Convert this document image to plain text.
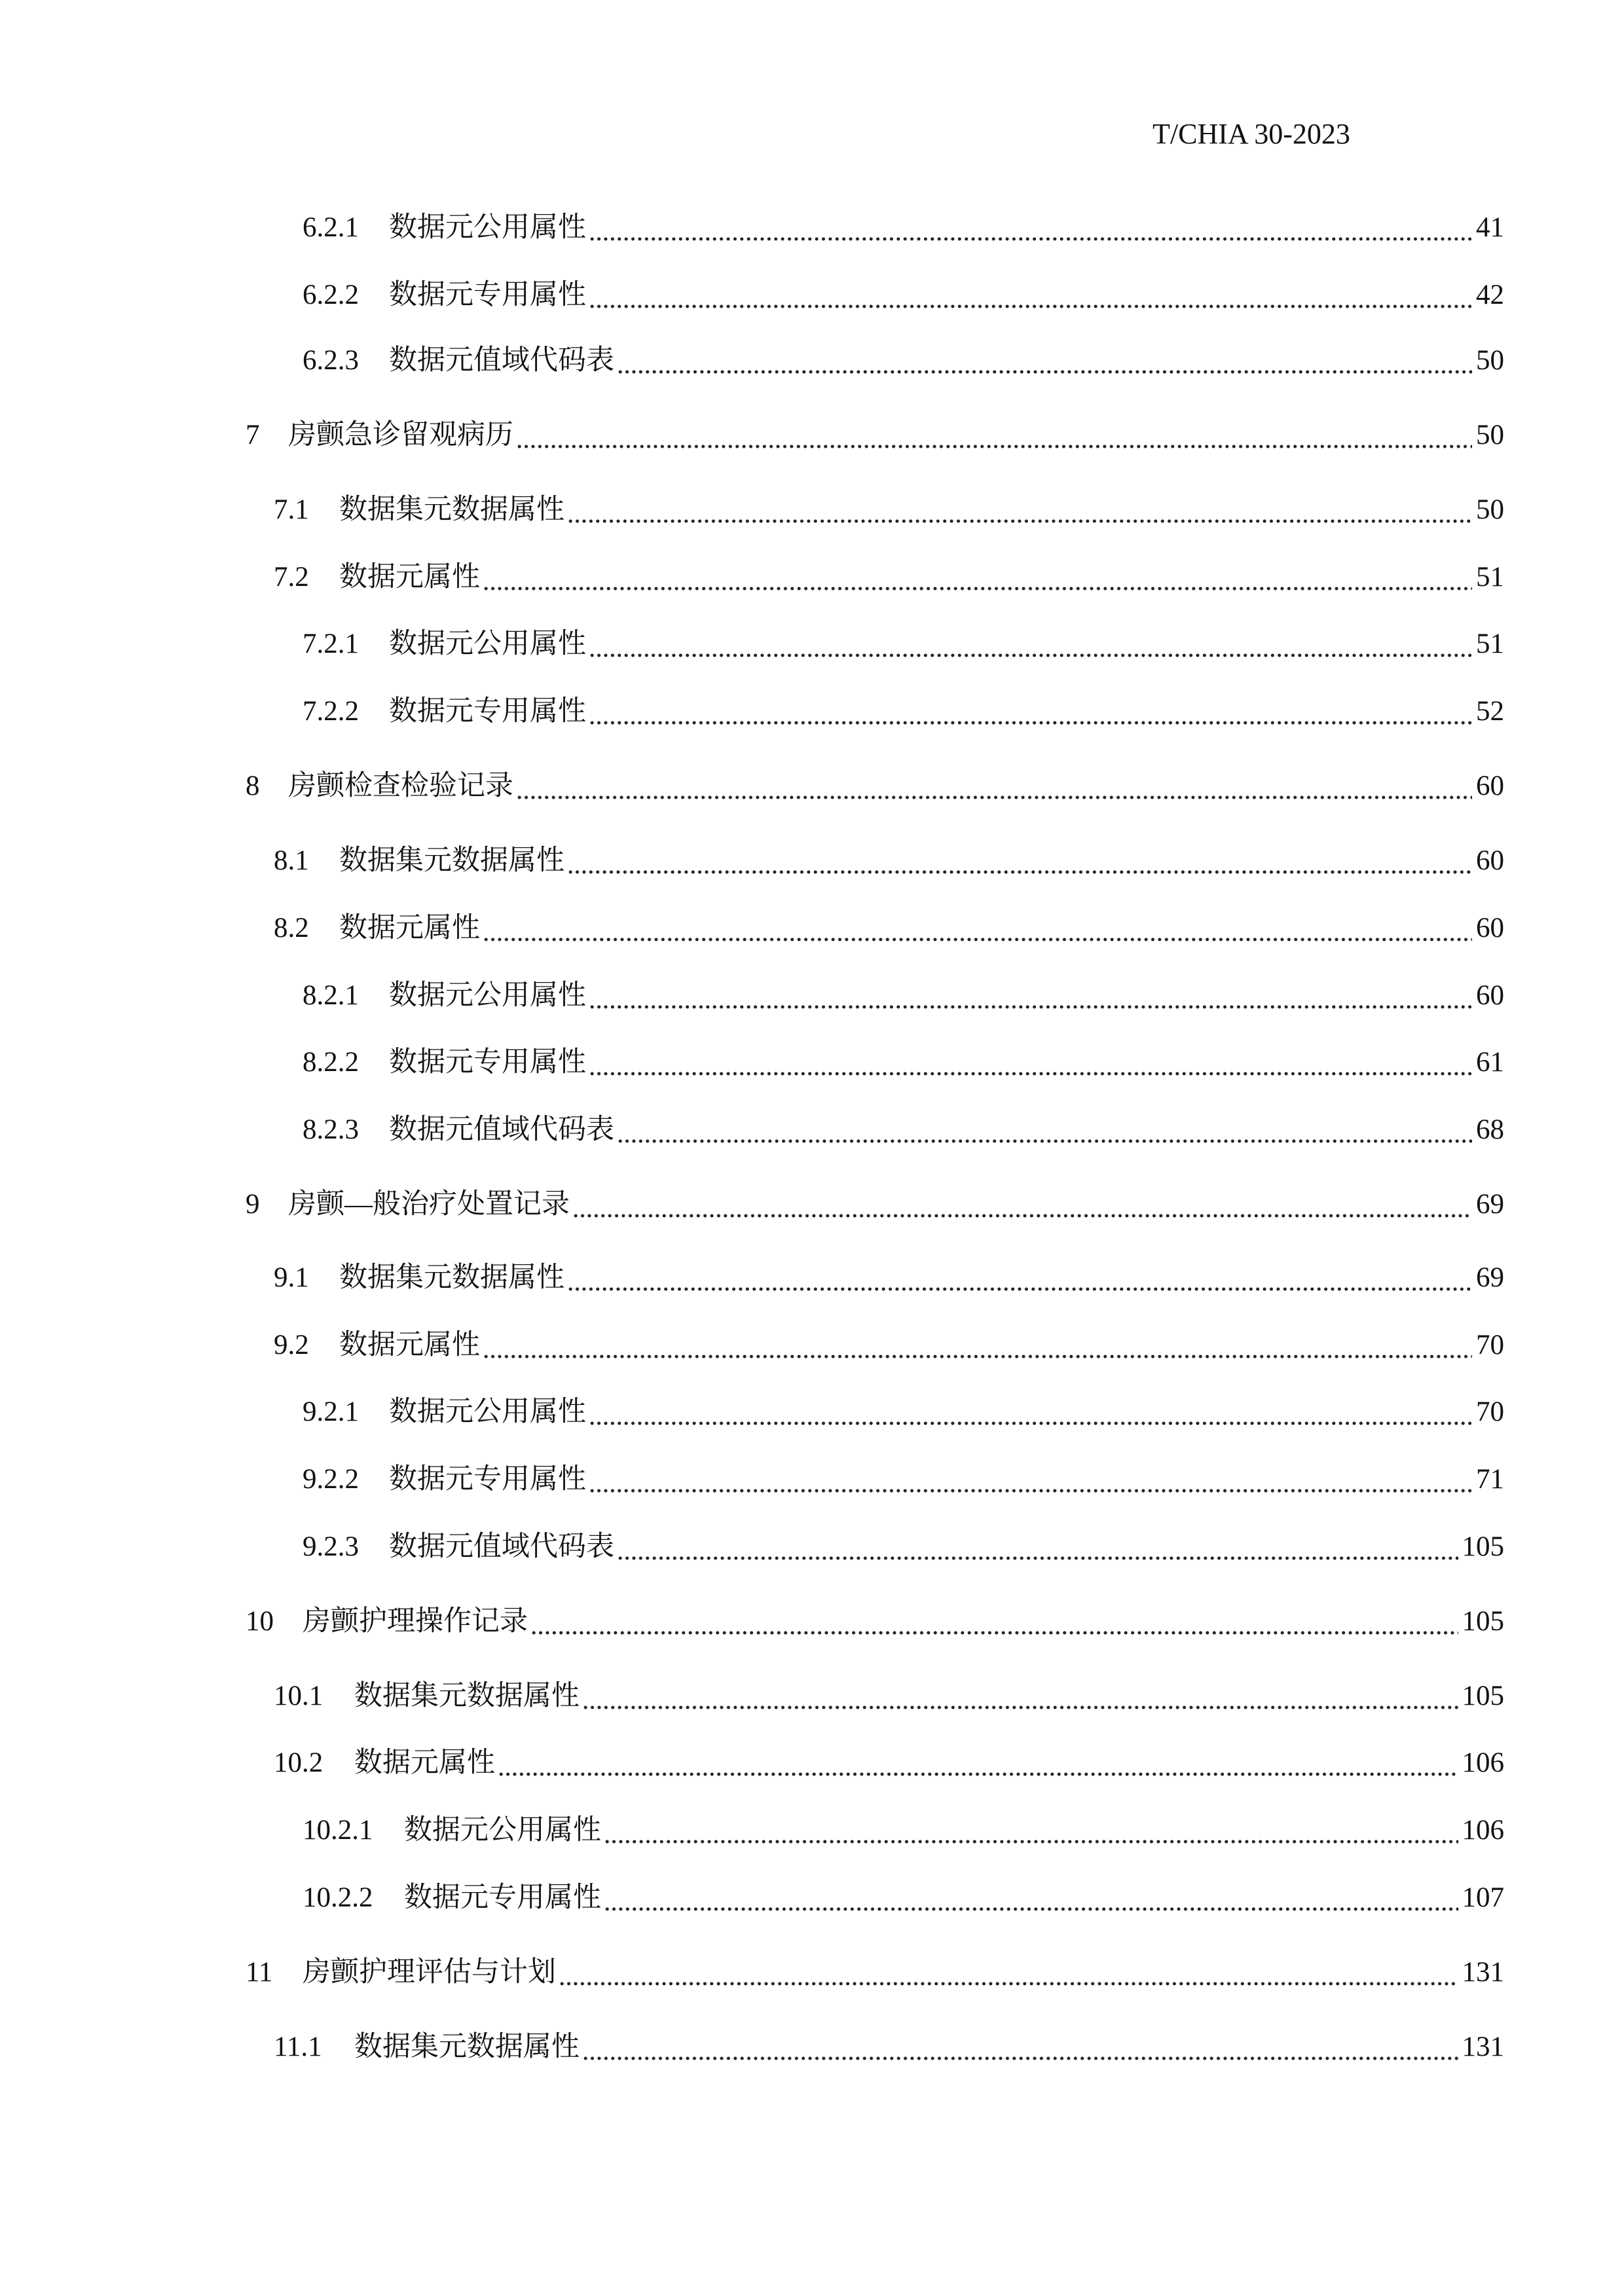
T/CHIA 30-2023
6.2.1	数据元公用属性	41
6.2.2	数据元专用属性	42
6.2.3	数据元值域代码表	50
7	房颤急诊留观病历	50
7.1	数据集元数据属性	50
7.2	数据元属性	51
7.2.1	数据元公用属性	51
7.2.2	数据元专用属性	52
8	房颤检查检验记录	60
8.1	数据集元数据属性	60
8.2	数据元属性	60
8.2.1	数据元公用属性	60
8.2.2	数据元专用属性	61
8.2.3	数据元值域代码表	68
9	房颤—般治疗处置记录	69
9.1	数据集元数据属性	69
9.2	数据元属性	70
9.2.1	数据元公用属性	70
9.2.2	数据元专用属性	71
9.2.3	数据元值域代码表	105
10	房颤护理操作记录	105
10.1	数据集元数据属性	105
10.2	数据元属性	106
10.2.1	数据元公用属性	106
10.2.2	数据元专用属性	107
11	房颤护理评估与计划	131
11.1	数据集元数据属性	131
